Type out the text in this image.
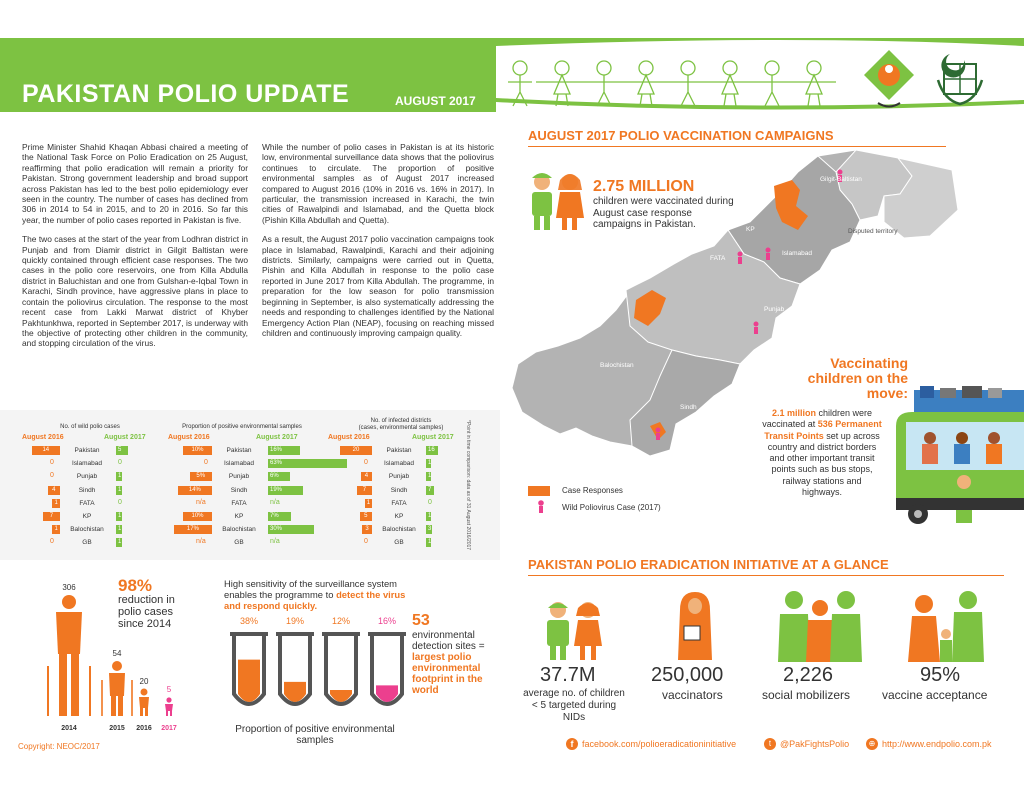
PAKISTAN POLIO UPDATE	AUGUST 2017

Prime Minister Shahid Khaqan Abbasi chaired a meeting of the National Task Force on Polio Eradication on 25 August, reaffirming that polio eradication will remain a priority for Pakistan. Strong government leadership and broad support across Pakistan has led to the best polio epidemiology ever seen in the country. The number of cases has declined from 306 in 2014 to 54 in 2015, and to 20 in 2016. So far this year, the number of polio cases reported in Pakistan is five.

The two cases at the start of the year from Lodhran district in Punjab and from Diamir district in Gilgit Baltistan were quickly contained through efficient case responses. The two cases in the polio core reservoirs, one from Killa Abdulla district in Baluchistan and one from Gulshan-e-Iqbal Town in Karachi, Sindh province, have aggressive plans in place to contain the poliovirus circulation. The response to the most recent case from Lakki Marwat district of Khyber Pakhtunkhwa, reported in September 2017, is underway with the objective of protecting other children in the community, and stopping circulation of the virus.

While the number of polio cases in Pakistan is at its historic low, environmental surveillance data shows that the poliovirus continues to circulate. The proportion of positive environmental samples as of August 2017 increased compared to August 2016 (10% in 2016 vs. 16% in 2017). In particular, the transmission increased in Karachi, the twin cities of Rawalpindi and Islamabad, and the Quetta block (Pishin Killa Abdullah and Quetta).

As a result, the August 2017 polio vaccination campaigns took place in Islamabad, Rawalpindi, Karachi and their adjoining districts. Similarly, campaigns were carried out in Quetta, Pishin and Killa Abdullah in response to the polio case reported in June 2017 from Killa Abdullah. The programme, in preparation for the low season for polio transmission beginning in September, is also systematically addressing the needs and responding to challenges identified by the National Emergency Action Plan (NEAP), focusing on reaching missed children and continuously improving campaign quality.

No. of wild polio cases
August 2016	August 2017
Proportion of positive environmental samples
August 2016	August 2017
No. of infected districts
(cases, environmental samples)
August 2016	August 2017 *Point in time comparison: data as of 31 August 2016/2017
14	Pakistan	5	10%	Pakistan	16%	20	Pakistan	16
0	Islamabad	0	0	Islamabad	63%	0	Islamabad	1
0	Punjab	1	5%	Punjab	6%	4	Punjab	1
4	Sindh	1	14%	Sindh	19%	7	Sindh	7
1	FATA	0	n/a	FATA	n/a	1	FATA	0
7	KP	1	10%	KP	7%	5	KP	1
1	Balochistan	1	17%	Balochistan	30%	3	Balochistan	3
0	GB	1	n/a	GB	n/a	0	GB	1
306
54
20
5
2014	2015 2016 2017
98%
reduction in polio cases since 2014
Copyright: NEOC/2017
High sensitivity of the surveillance system enables the programme to detect the virus and respond quickly.
38%	19%	12%	16%
Proportion of positive environmental samples
53
environmental detection sites = largest polio environmental footprint in the world
AUGUST 2017 POLIO VACCINATION CAMPAIGNS
Gilgit-Baltistan
Disputed territory
FATA
KP
Islamabad
Punjab
Balochistan
Sindh
2.75 MILLION
children were vaccinated during August case response campaigns in Pakistan.
Case Responses
Wild Poliovirus Case (2017)
Vaccinating children on the move:
2.1 million children were vaccinated at 536 Permanent Transit Points set up across country and district borders and other important transit points such as bus stops, railway stations and highways.
PAKISTAN POLIO ERADICATION INITIATIVE AT A GLANCE
37.7M
average no. of children < 5 targeted during NIDs
250,000
vaccinators
2,226
social mobilizers
95%
vaccine acceptance
f facebook.com/polioeradicationinitiative	t @PakFightsPolio	⊕ http://www.endpolio.com.pk
